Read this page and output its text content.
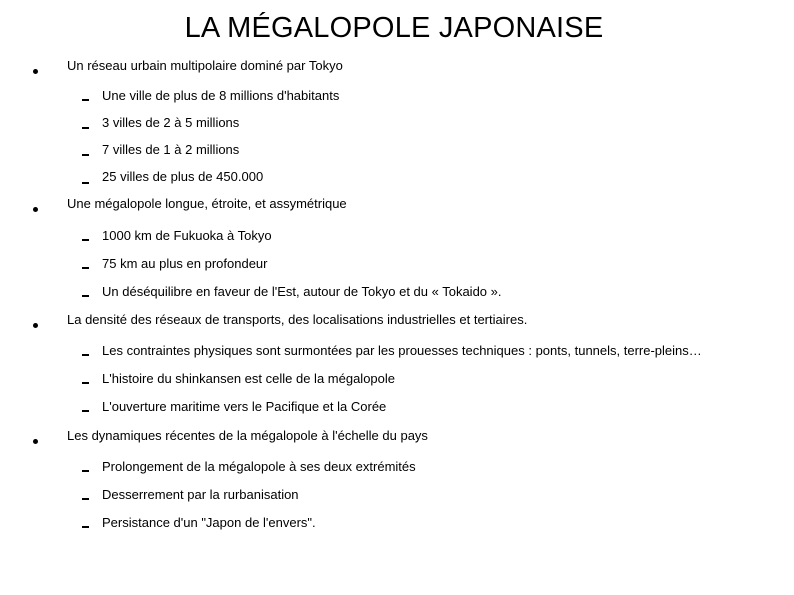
LA MÉGALOPOLE JAPONAISE
Un réseau urbain multipolaire dominé par Tokyo
Une ville de plus de 8 millions d'habitants
3 villes de 2 à 5 millions
7 villes de 1 à 2 millions
25 villes de plus de 450.000
Une mégalopole longue, étroite, et assymétrique
1000 km de Fukuoka à Tokyo
75 km au plus en profondeur
Un déséquilibre en faveur de l'Est, autour de Tokyo et du « Tokaido ».
La densité des réseaux de transports, des localisations industrielles et tertiaires.
Les contraintes physiques sont surmontées par les prouesses techniques : ponts, tunnels, terre-pleins…
L'histoire du shinkansen est celle de la mégalopole
L'ouverture maritime vers le Pacifique et la Corée
Les dynamiques récentes de la mégalopole à l'échelle du pays
Prolongement de la mégalopole à ses deux extrémités
Desserrement par la rurbanisation
Persistance d'un "Japon de l'envers".
